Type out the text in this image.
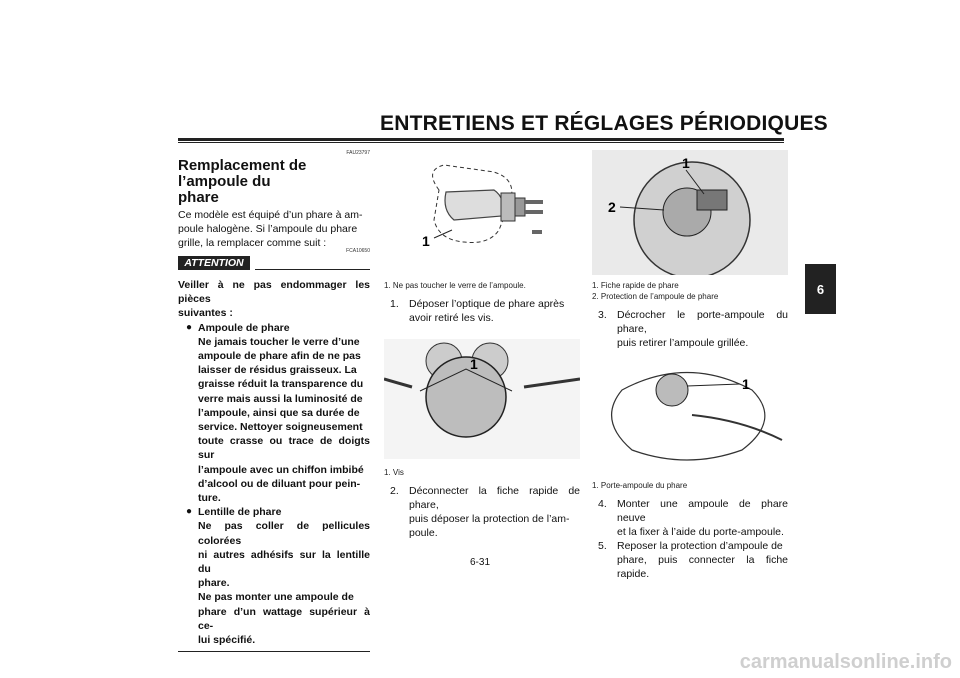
ENTRETIENS ET RÉGLAGES PÉRIODIQUES
6
FAU23797
Remplacement de l’ampoule du
phare
Ce modèle est équipé d’un phare à am-
poule halogène. Si l’ampoule du phare
grille, la remplacer comme suit :
ATTENTION
FCA10650
Veiller à ne pas endommager les pièces
suivantes :
● Ampoule de phare
Ne jamais toucher le verre d’une
ampoule de phare afin de ne pas
laisser de résidus graisseux. La
graisse réduit la transparence du
verre mais aussi la luminosité de
l’ampoule, ainsi que sa durée de
service. Nettoyer soigneusement
toute crasse ou trace de doigts sur
l’ampoule avec un chiffon imbibé
d’alcool ou de diluant pour pein-
ture.
● Lentille de phare
Ne pas coller de pellicules colorées
ni autres adhésifs sur la lentille du
phare.
Ne pas monter une ampoule de
phare d’un wattage supérieur à ce-
lui spécifié.
1
1. Ne pas toucher le verre de l’ampoule.
1. Déposer l’optique de phare après
avoir retiré les vis.
1
1. Vis
2. Déconnecter la fiche rapide de phare,
puis déposer la protection de l’am-
poule.
1
2
1. Fiche rapide de phare
2. Protection de l’ampoule de phare
3. Décrocher le porte-ampoule du phare,
puis retirer l’ampoule grillée.
1
1. Porte-ampoule du phare
4. Monter une ampoule de phare neuve
et la fixer à l’aide du porte-ampoule.
5. Reposer la protection d’ampoule de
phare, puis connecter la fiche rapide.
6-31
carmanualsonline.info
